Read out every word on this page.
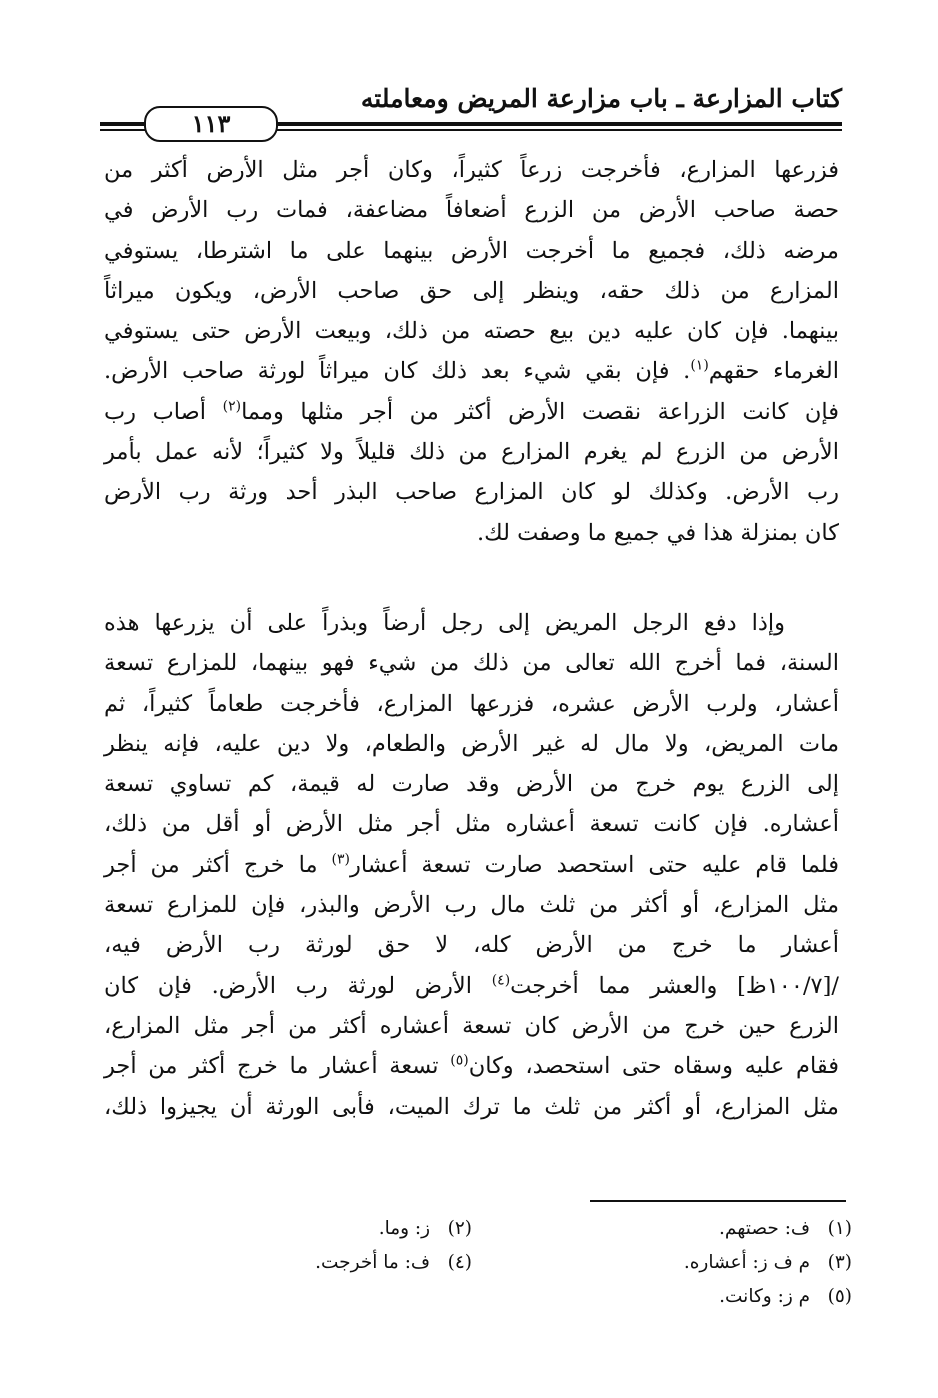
كتاب المزارعة ـ باب مزارعة المريض ومعاملته
١١٣
فزرعها المزارع، فأخرجت زرعاً كثيراً، وكان أجر مثل الأرض أكثر من
حصة صاحب الأرض من الزرع أضعافاً مضاعفة، فمات رب الأرض في
مرضه ذلك، فجميع ما أخرجت الأرض بينهما على ما اشترطا، يستوفي
المزارع من ذلك حقه، وينظر إلى حق صاحب الأرض، ويكون ميراثاً
بينهما. فإن كان عليه دين بيع حصته من ذلك، وبيعت الأرض حتى يستوفي
الغرماء حقهم$^{(١)}$. فإن بقي شيء بعد ذلك كان ميراثاً لورثة صاحب الأرض.
فإن كانت الزراعة نقصت الأرض أكثر من أجر مثلها ومما$^{(٢)}$ أصاب رب
الأرض من الزرع لم يغرم المزارع من ذلك قليلاً ولا كثيراً؛ لأنه عمل بأمر
رب الأرض. وكذلك لو كان المزارع صاحب البذر أحد ورثة رب الأرض
كان بمنزلة هذا في جميع ما وصفت لك.
وإذا دفع الرجل المريض إلى رجل أرضاً وبذراً على أن يزرعها هذه
السنة، فما أخرج الله تعالى من ذلك من شيء فهو بينهما، للمزارع تسعة
أعشار، ولرب الأرض عشره، فزرعها المزارع، فأخرجت طعاماً كثيراً، ثم
مات المريض، ولا مال له غير الأرض والطعام، ولا دين عليه، فإنه ينظر
إلى الزرع يوم خرج من الأرض وقد صارت له قيمة، كم تساوي تسعة
أعشاره. فإن كانت تسعة أعشاره مثل أجر مثل الأرض أو أقل من ذلك،
فلما قام عليه حتى استحصد صارت تسعة أعشار$^{(٣)}$ ما خرج أكثر من أجر
مثل المزارع، أو أكثر من ثلث مال رب الأرض والبذر، فإن للمزارع تسعة
أعشار ما خرج من الأرض كله، لا حق لورثة رب الأرض فيه،
/[١٠٠/٧ظ] والعشر مما أخرجت$^{(٤)}$ الأرض لورثة رب الأرض. فإن كان
الزرع حين خرج من الأرض كان تسعة أعشاره أكثر من أجر مثل المزارع،
فقام عليه وسقاه حتى استحصد، وكان$^{(٥)}$ تسعة أعشار ما خرج أكثر من أجر
مثل المزارع، أو أكثر من ثلث ما ترك الميت، فأبى الورثة أن يجيزوا ذلك،
(١) ف: حصتهم.
(٢) ز: وما.
(٣) م ف ز: أعشاره.
(٤) ف: ما أخرجت.
(٥) م ز: وكانت.
